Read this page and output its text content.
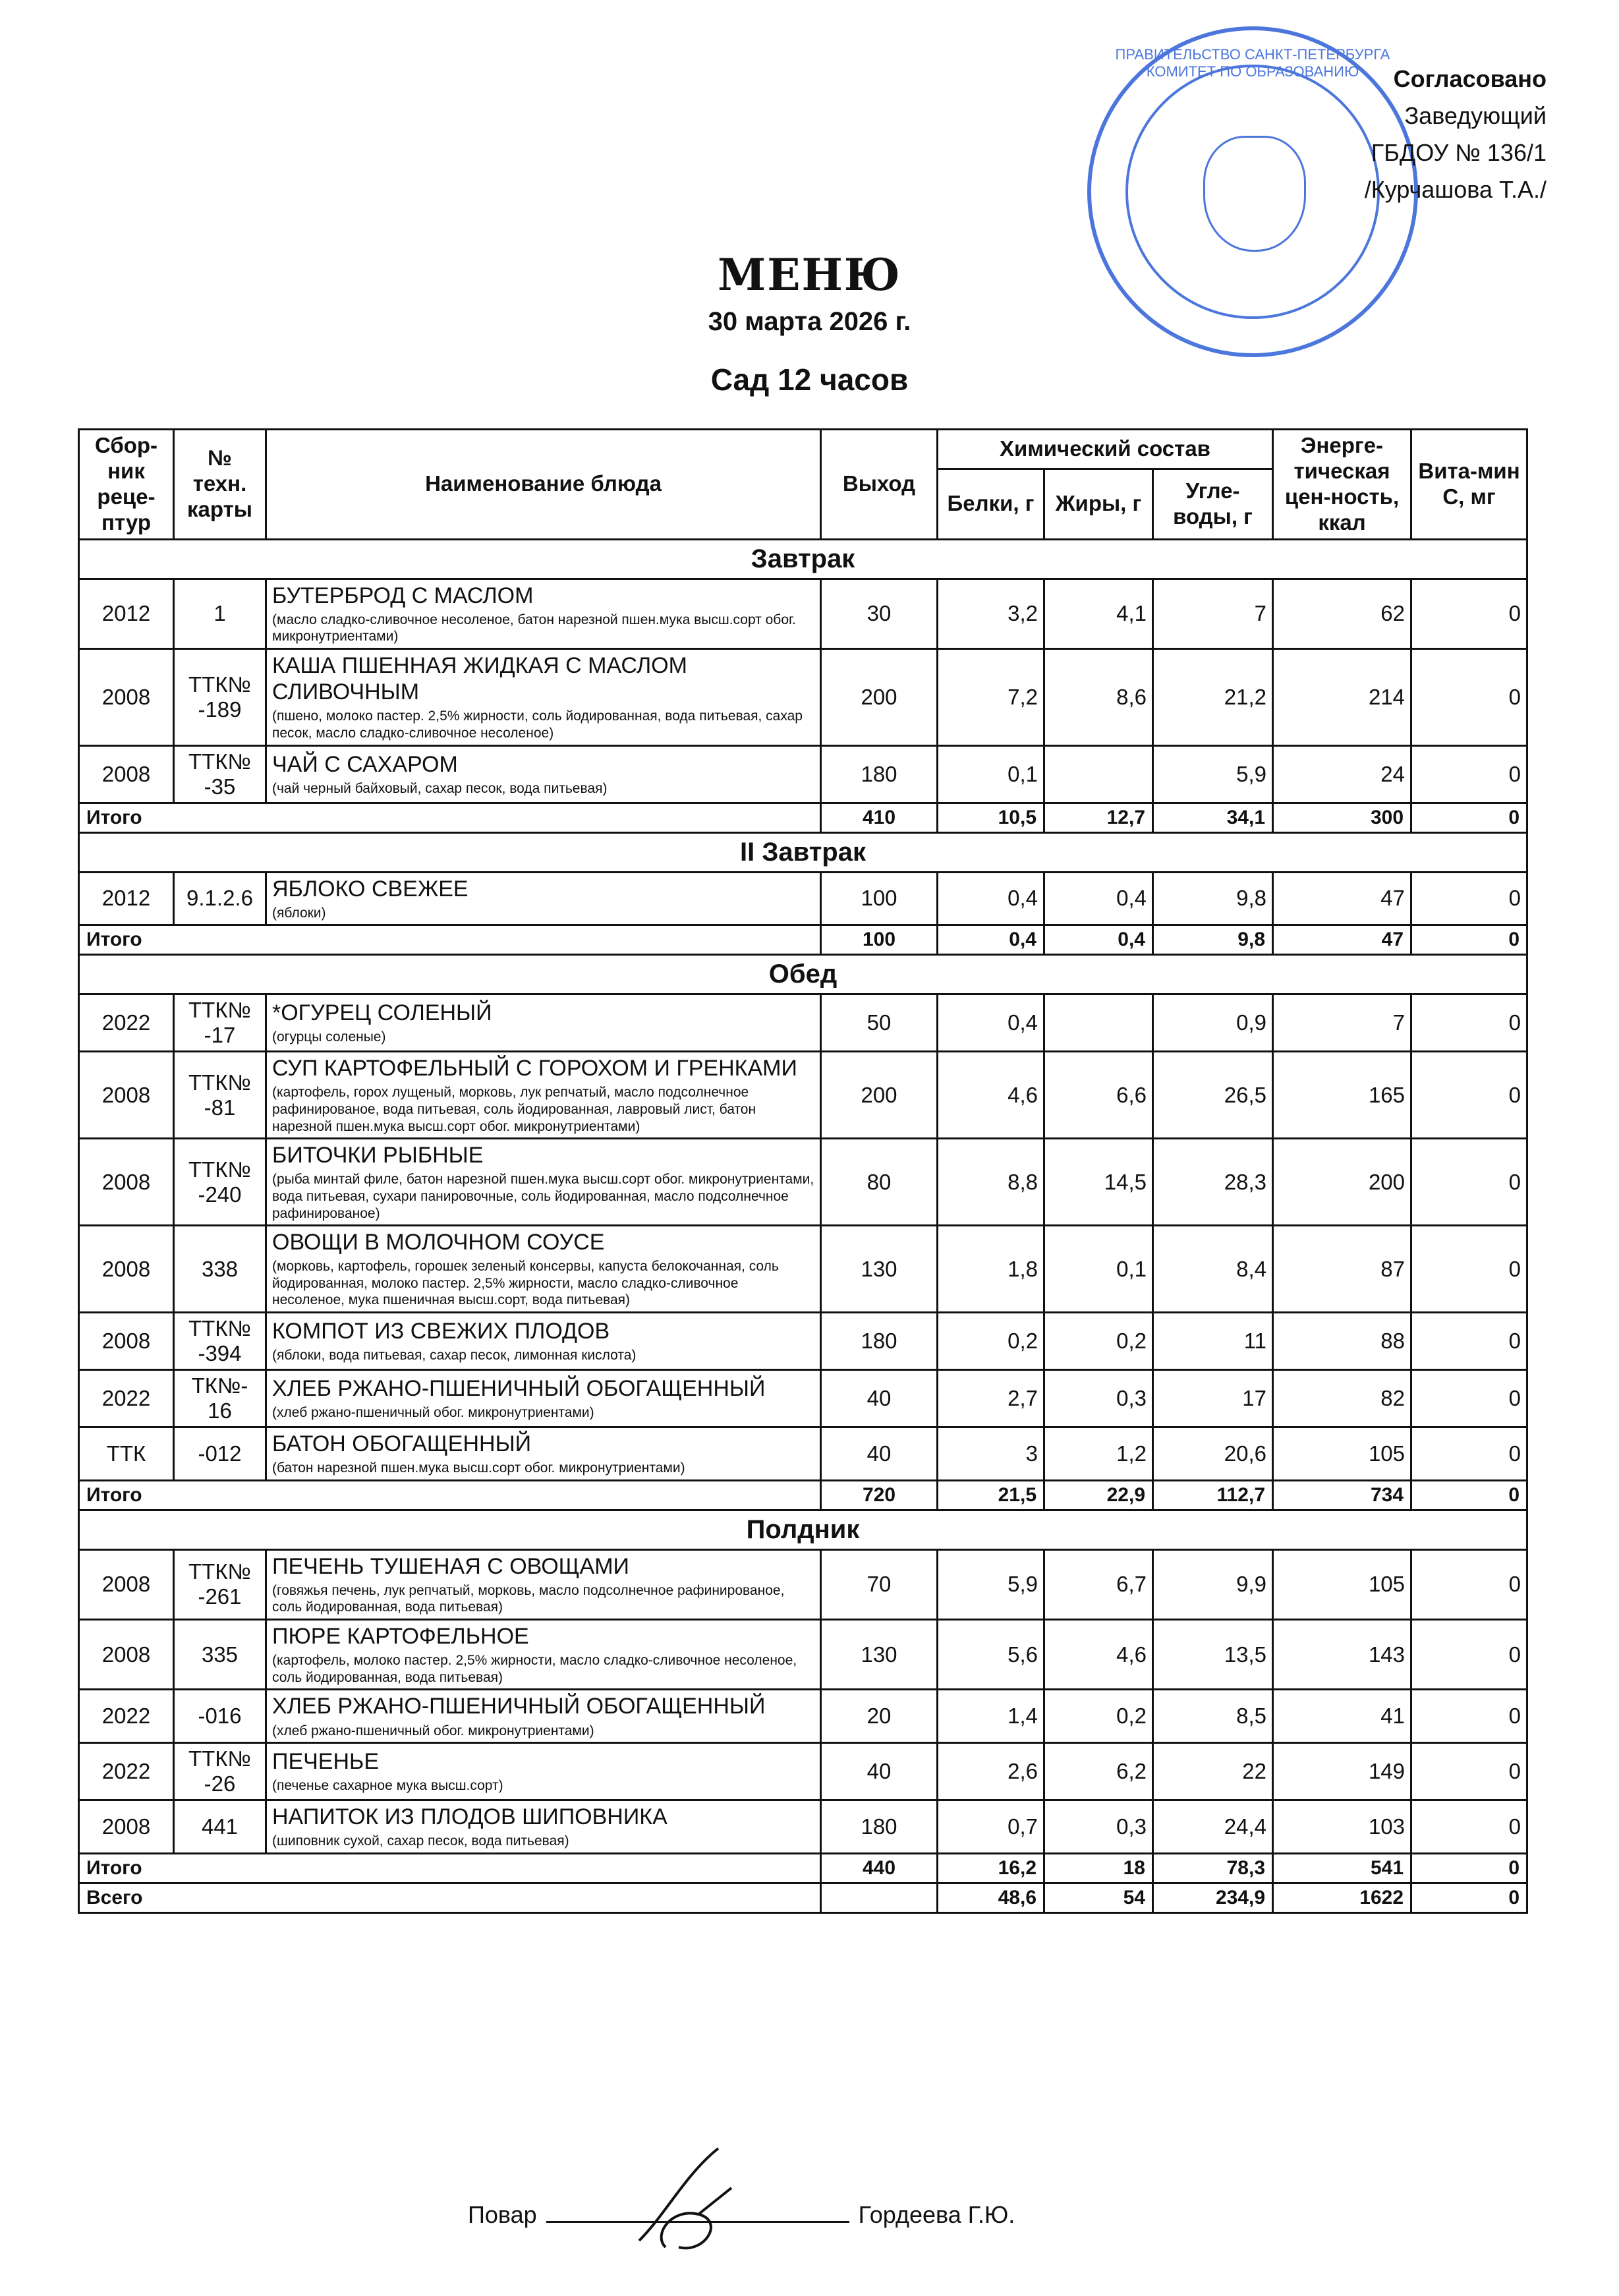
ПРАВИТЕЛЬСТВО САНКТ-ПЕТЕРБУРГА КОМИТЕТ ПО ОБРАЗОВАНИЮ	Согласовано
Заведующий
ГБДОУ № 136/1
/Курчашова Т.А./
МЕНЮ
30 марта 2026 г.
Сад 12 часов
Сбор-ник реце-птур	№ техн. карты	Наименование блюда	Выход	Химический состав			Энерге-тическая цен-ность, ккал	Вита-мин С, мг
				Белки, г	Жиры, г	Угле-воды, г		
Завтрак								
2012	1	БУТЕРБРОД С МАСЛОМ
(масло сладко-сливочное несоленое, батон нарезной пшен.мука высш.сорт обог. микронутриентами)	30	3,2	4,1	7	62	0
2008	ТТК№ -189	КАША ПШЕННАЯ ЖИДКАЯ С МАСЛОМ СЛИВОЧНЫМ
(пшено, молоко пастер. 2,5% жирности, соль йодированная, вода питьевая, сахар песок, масло сладко-сливочное несоленое)	200	7,2	8,6	21,2	214	0
2008	ТТК№ -35	ЧАЙ С САХАРОМ
(чай черный байховый, сахар песок, вода питьевая)	180	0,1		5,9	24	0
Итого			410	10,5	12,7	34,1	300	0
II Завтрак								
2012	9.1.2.6	ЯБЛОКО СВЕЖЕЕ
(яблоки)	100	0,4	0,4	9,8	47	0
Итого			100	0,4	0,4	9,8	47	0
Обед								
2022	ТТК№ -17	*ОГУРЕЦ СОЛЕНЫЙ
(огурцы соленые)	50	0,4		0,9	7	0
2008	ТТК№ -81	СУП КАРТОФЕЛЬНЫЙ С ГОРОХОМ И ГРЕНКАМИ
(картофель, горох лущеный, морковь, лук репчатый, масло подсолнечное рафинированое, вода питьевая, соль йодированная, лавровый лист, батон нарезной пшен.мука высш.сорт обог. микронутриентами)	200	4,6	6,6	26,5	165	0
2008	ТТК№ -240	БИТОЧКИ РЫБНЫЕ
(рыба минтай филе, батон нарезной пшен.мука высш.сорт обог. микронутриентами, вода питьевая, сухари панировочные, соль йодированная, масло подсолнечное рафинированое)	80	8,8	14,5	28,3	200	0
2008	338	ОВОЩИ В МОЛОЧНОМ СОУСЕ
(морковь, картофель, горошек зеленый консервы, капуста белокочанная, соль йодированная, молоко пастер. 2,5% жирности, масло сладко-сливочное несоленое, мука пшеничная высш.сорт, вода питьевая)	130	1,8	0,1	8,4	87	0
2008	ТТК№ -394	КОМПОТ ИЗ СВЕЖИХ ПЛОДОВ
(яблоки, вода питьевая, сахар песок, лимонная кислота)	180	0,2	0,2	11	88	0
2022	ТК№- 16	ХЛЕБ РЖАНО-ПШЕНИЧНЫЙ ОБОГАЩЕННЫЙ
(хлеб ржано-пшеничный обог. микронутриентами)	40	2,7	0,3	17	82	0
ТТК	-012	БАТОН ОБОГАЩЕННЫЙ
(батон нарезной пшен.мука высш.сорт обог. микронутриентами)	40	3	1,2	20,6	105	0
Итого			720	21,5	22,9	112,7	734	0
Полдник								
2008	ТТК№ -261	ПЕЧЕНЬ ТУШЕНАЯ С ОВОЩАМИ
(говяжья печень, лук репчатый, морковь, масло подсолнечное рафинированое, соль йодированная, вода питьевая)	70	5,9	6,7	9,9	105	0
2008	335	ПЮРЕ КАРТОФЕЛЬНОЕ
(картофель, молоко пастер. 2,5% жирности, масло сладко-сливочное несоленое, соль йодированная, вода питьевая)	130	5,6	4,6	13,5	143	0
2022	-016	ХЛЕБ РЖАНО-ПШЕНИЧНЫЙ ОБОГАЩЕННЫЙ
(хлеб ржано-пшеничный обог. микронутриентами)	20	1,4	0,2	8,5	41	0
2022	ТТК№ -26	ПЕЧЕНЬЕ
(печенье сахарное мука высш.сорт)	40	2,6	6,2	22	149	0
2008	441	НАПИТОК ИЗ ПЛОДОВ ШИПОВНИКА
(шиповник сухой, сахар песок, вода питьевая)	180	0,7	0,3	24,4	103	0
Итого			440	16,2	18	78,3	541	0
Всего				48,6	54	234,9	1622	0
Повар	Гордеева Г.Ю.
